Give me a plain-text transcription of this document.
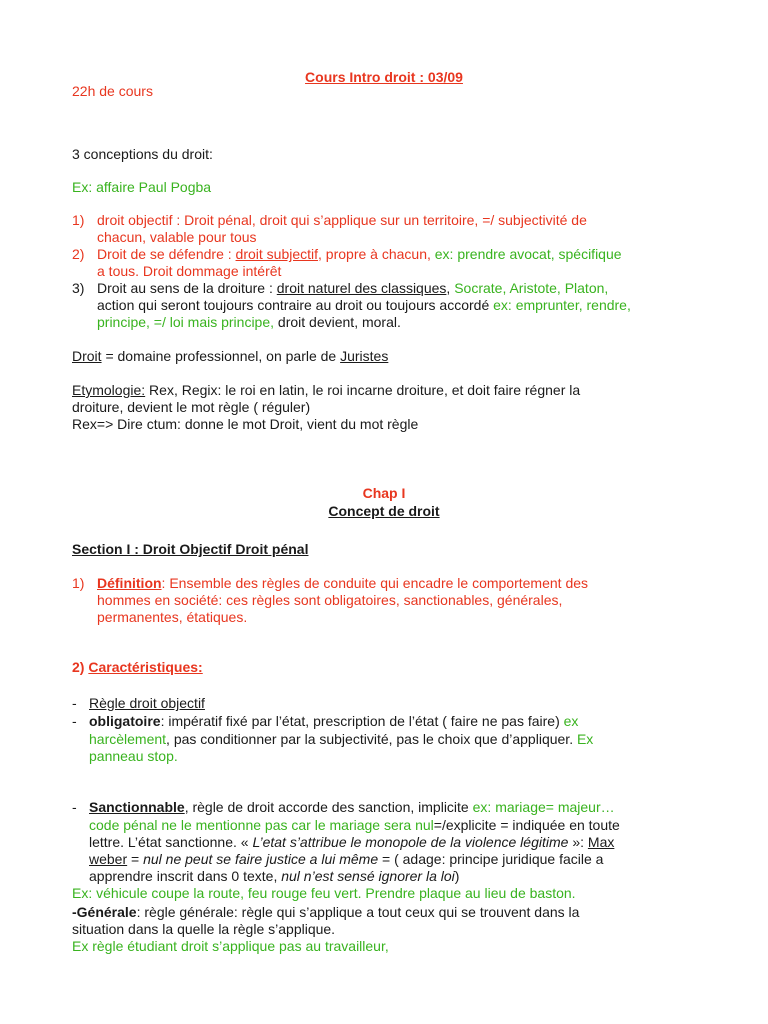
Cours Intro droit : 03/09
22h de cours
3 conceptions du droit:
Ex: affaire Paul Pogba
1) droit objectif : Droit pénal, droit qui s’applique sur un territoire, =/ subjectivité de
chacun, valable pour tous
2) Droit de se défendre : droit subjectif, propre à chacun, ex: prendre avocat, spécifique
a tous. Droit dommage intérêt
3) Droit au sens de la droiture : droit naturel des classiques, Socrate, Aristote, Platon,
action qui seront toujours contraire au droit ou toujours accordé ex: emprunter, rendre,
principe, =/ loi mais principe, droit devient, moral.
Droit = domaine professionnel, on parle de Juristes
Etymologie: Rex, Regix: le roi en latin, le roi incarne droiture, et doit faire régner la
droiture, devient le mot règle ( réguler)
Rex=> Dire ctum: donne le mot Droit, vient du mot règle
Chap I
Concept de droit
Section I : Droit Objectif Droit pénal
1) Définition: Ensemble des règles de conduite qui encadre le comportement des
hommes en société: ces règles sont obligatoires, sanctionables, générales,
permanentes, étatiques.
2) Caractéristiques:
- Règle droit objectif
- obligatoire: impératif fixé par l’état, prescription de l’état ( faire ne pas faire) ex
harcèlement, pas conditionner par la subjectivité, pas le choix que d’appliquer. Ex
panneau stop.
- Sanctionnable, règle de droit accorde des sanction, implicite ex: mariage= majeur…
code pénal ne le mentionne pas car le mariage sera nul=/explicite = indiquée en toute
lettre. L’état sanctionne. « L’etat s’attribue le monopole de la violence légitime »: Max
weber = nul ne peut se faire justice a lui même = ( adage: principe juridique facile a
apprendre inscrit dans 0 texte, nul n’est sensé ignorer la loi)
Ex: véhicule coupe la route, feu rouge feu vert. Prendre plaque au lieu de baston.
-Générale: règle générale: règle qui s’applique a tout ceux qui se trouvent dans la
situation dans la quelle la règle s’applique.
Ex règle étudiant droit s’applique pas au travailleur,
